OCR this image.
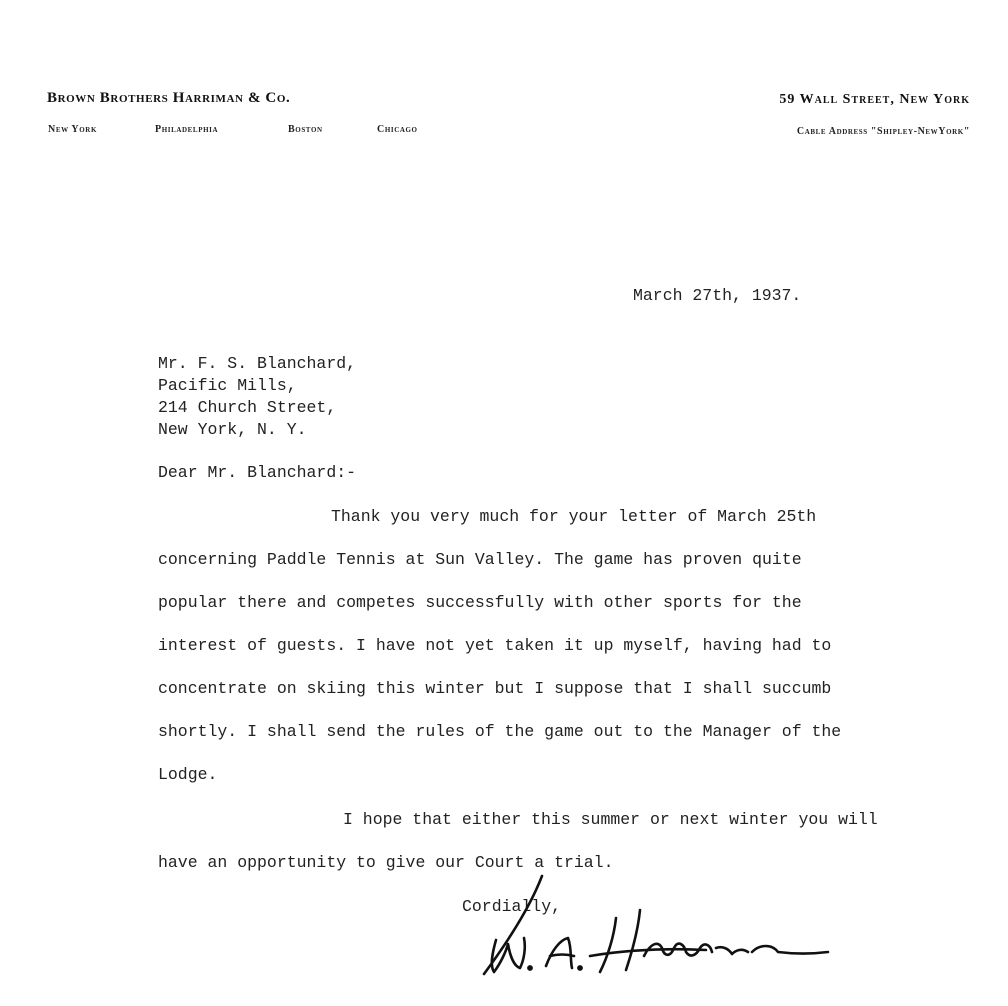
Brown Brothers Harriman & Co.	59 Wall Street, New York
New York	Philadelphia	Boston	Chicago	Cable Address "Shipley-NewYork"
March 27th, 1937.
Mr. F. S. Blanchard,
Pacific Mills,
214 Church Street,
New York, N. Y.
Dear Mr. Blanchard:-
Thank you very much for your letter of March 25th
concerning Paddle Tennis at Sun Valley. The game has proven quite
popular there and competes successfully with other sports for the
interest of guests. I have not yet taken it up myself, having had to
concentrate on skiing this winter but I suppose that I shall succumb
shortly. I shall send the rules of the game out to the Manager of the
Lodge.
I hope that either this summer or next winter you will
have an opportunity to give our Court a trial.
Cordially,
